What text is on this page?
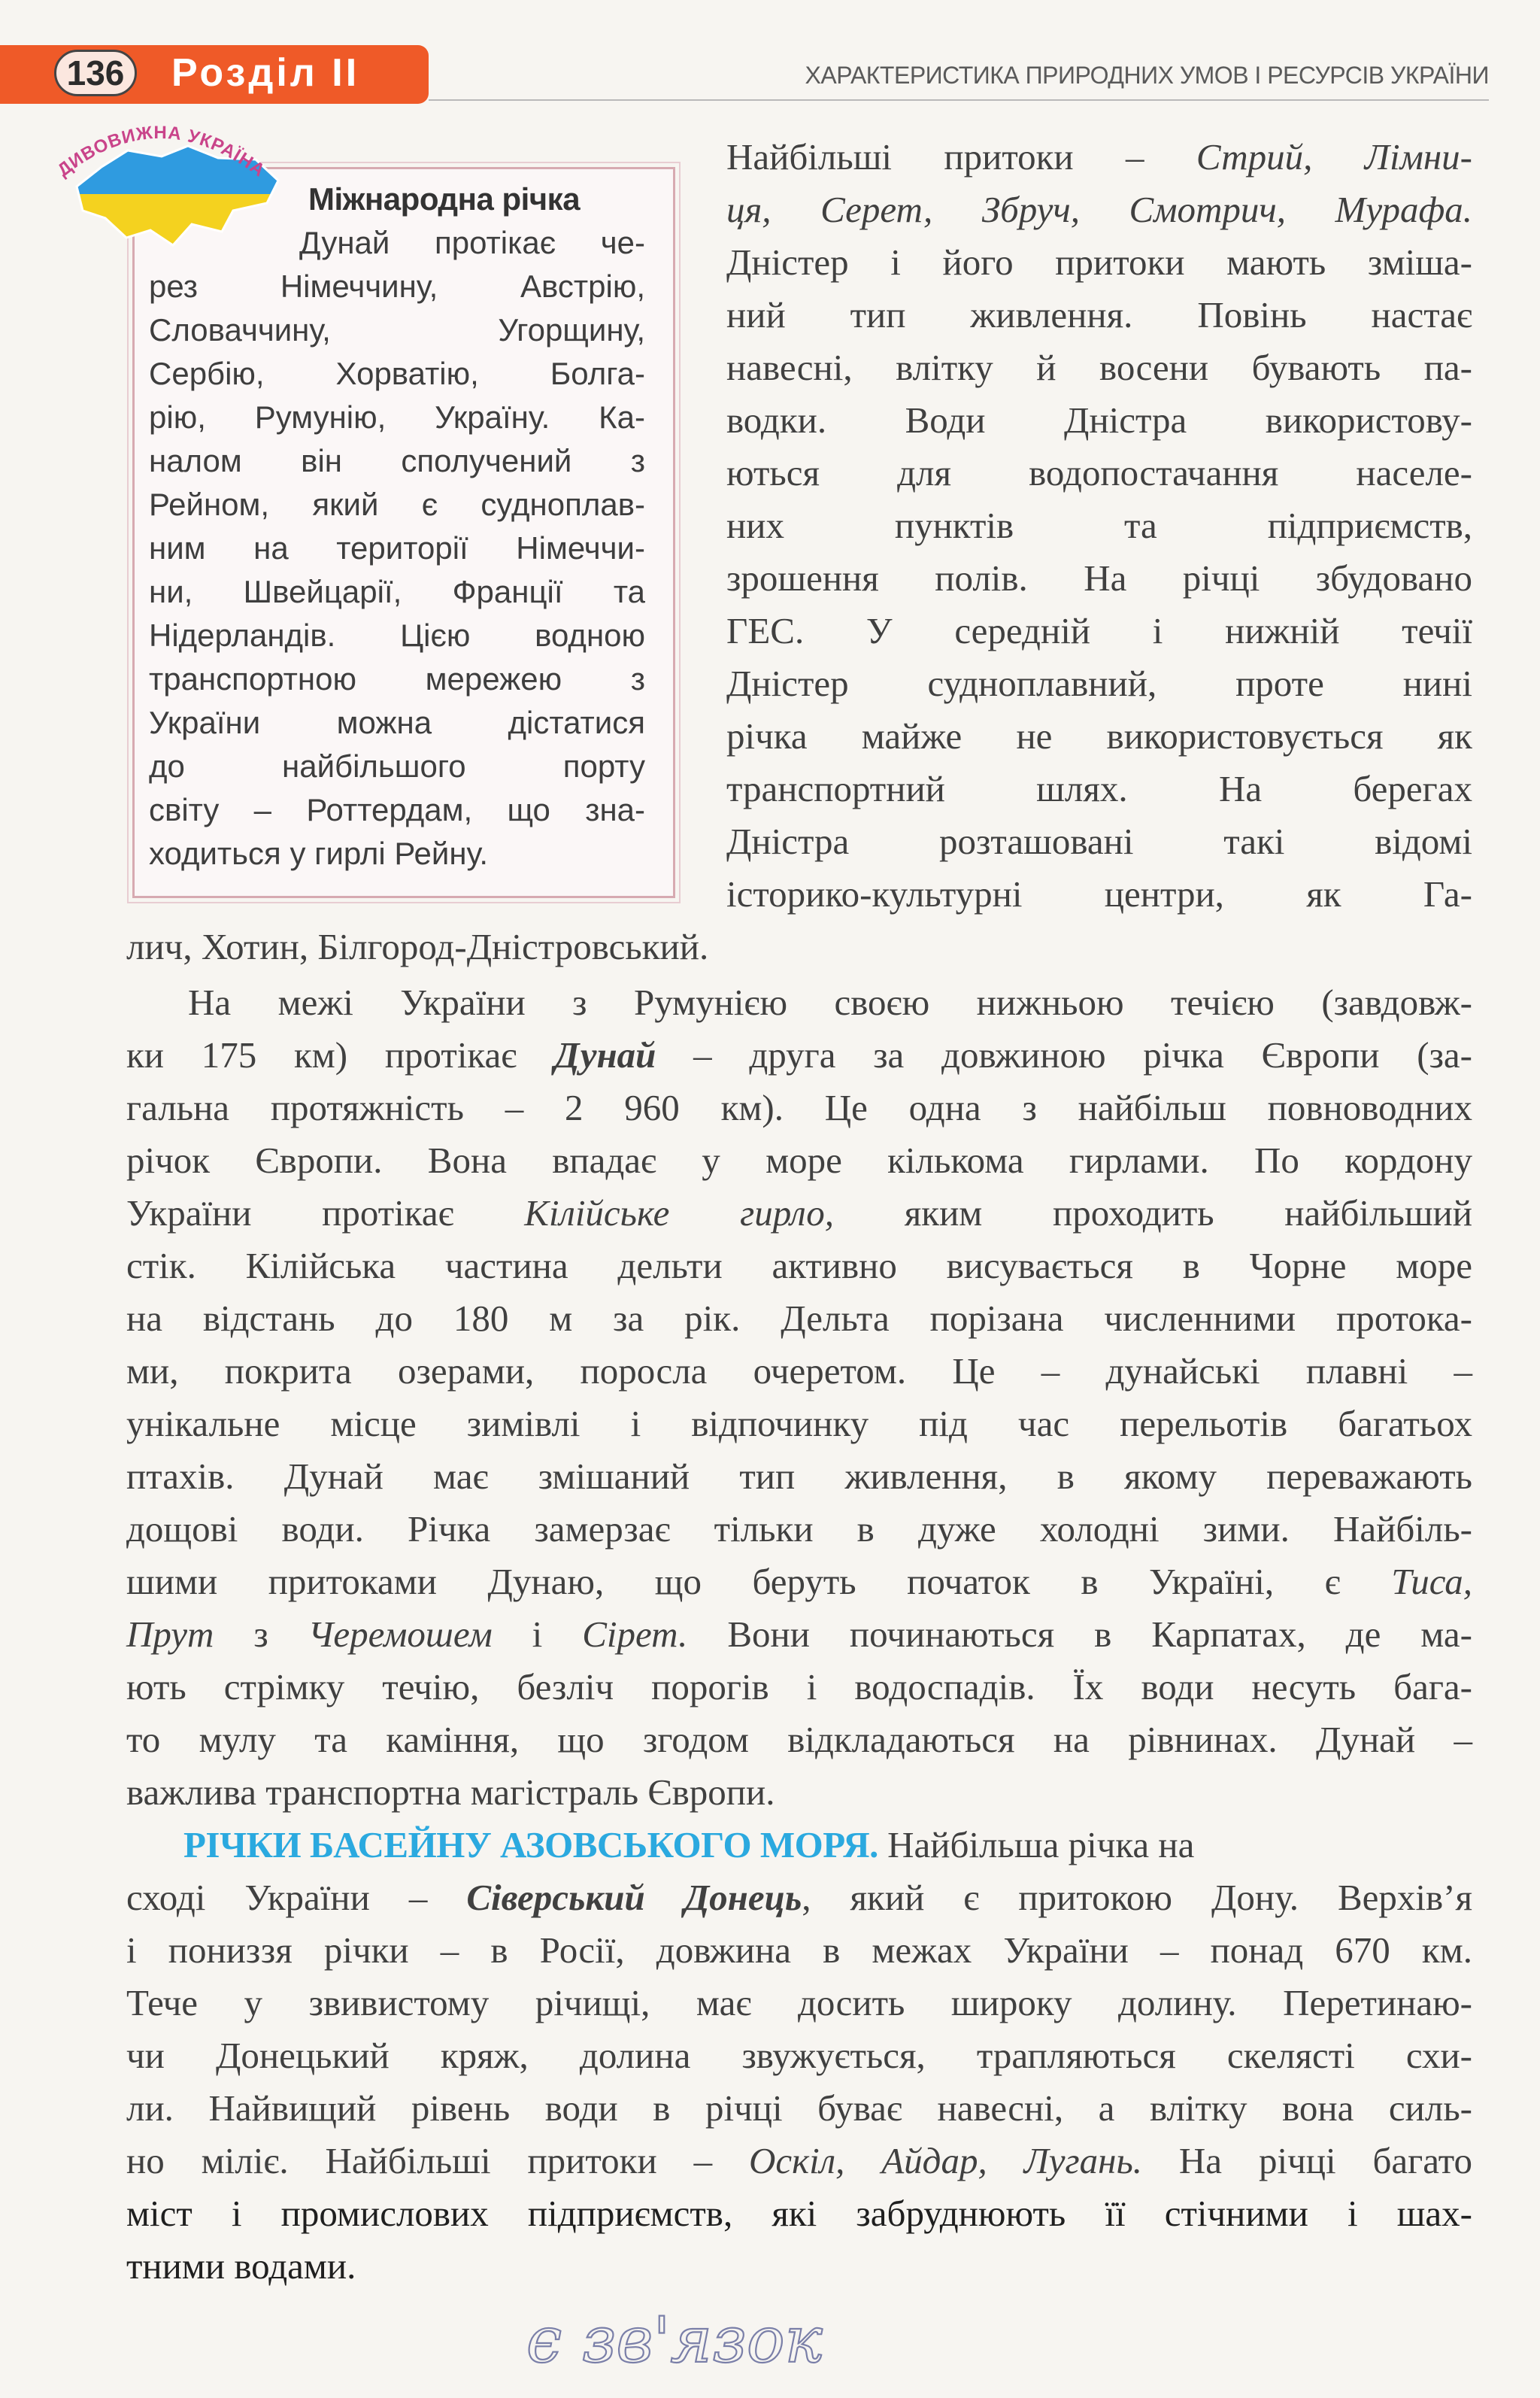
136	Розділ II	ХАРАКТЕРИСТИКА ПРИРОДНИХ УМОВ І РЕСУРСІВ УКРАЇНИ
ДИВОВИЖНА УКРАЇНА
Міжнародна річка
Дунай протікає че-
рез Німеччину, Австрію,
Словаччину, Угорщину,
Сербію, Хорватію, Болга-
рію, Румунію, Україну. Ка-
налом він сполучений з
Рейном, який є судноплав-
ним на території Німеччи-
ни, Швейцарії, Франції та
Нідерландів. Цією водною
транспортною мережею з
України можна дістатися
до найбільшого порту
світу – Роттердам, що зна-
ходиться у гирлі Рейну.
Найбільші притоки – Стрий, Лімни-
ця, Серет, Збруч, Смотрич, Мурафа.
Дністер і його притоки мають зміша-
ний тип живлення. Повінь настає
навесні, влітку й восени бувають па-
водки. Води Дністра використову-
ються для водопостачання населе-
них пунктів та підприємств,
зрошення полів. На річці збудовано
ГЕС. У середній і нижній течії
Дністер судноплавний, проте нині
річка майже не використовується як
транспортний шлях. На берегах
Дністра розташовані такі відомі
історико-культурні центри, як Га-
лич, Хотин, Білгород-Дністровський.
На межі України з Румунією своєю нижньою течією (завдовж-
ки 175 км) протікає Дунай – друга за довжиною річка Європи (за-
гальна протяжність – 2 960 км). Це одна з найбільш повноводних
річок Європи. Вона впадає у море кількома гирлами. По кордону
України протікає Кілійське гирло, яким проходить найбільший
стік. Кілійська частина дельти активно висувається в Чорне море
на відстань до 180 м за рік. Дельта порізана численними протока-
ми, покрита озерами, поросла очеретом. Це – дунайські плавні –
унікальне місце зимівлі і відпочинку під час перельотів багатьох
птахів. Дунай має змішаний тип живлення, в якому переважають
дощові води. Річка замерзає тільки в дуже холодні зими. Найбіль-
шими притоками Дунаю, що беруть початок в Україні, є Тиса,
Прут з Черемошем і Сірет. Вони починаються в Карпатах, де ма-
ють стрімку течію, безліч порогів і водоспадів. Їх води несуть бага-
то мулу та каміння, що згодом відкладаються на рівнинах. Дунай –
важлива транспортна магістраль Європи.
РІЧКИ БАСЕЙНУ АЗОВСЬКОГО МОРЯ. Найбільша річка на
сході України – Сіверський Донець, який є притокою Дону. Верхів’я
і пониззя річки – в Росії, довжина в межах України – понад 670 км.
Тече у звивистому річищі, має досить широку долину. Перетинаю-
чи Донецький кряж, долина звужується, трапляються скелясті схи-
ли. Найвищий рівень води в річці буває навесні, а влітку вона силь-
но міліє. Найбільші притоки – Оскіл, Айдар, Лугань. На річці багато
міст і промислових підприємств, які забруднюють її стічними і шах-
тними водами.
є зв'язок
